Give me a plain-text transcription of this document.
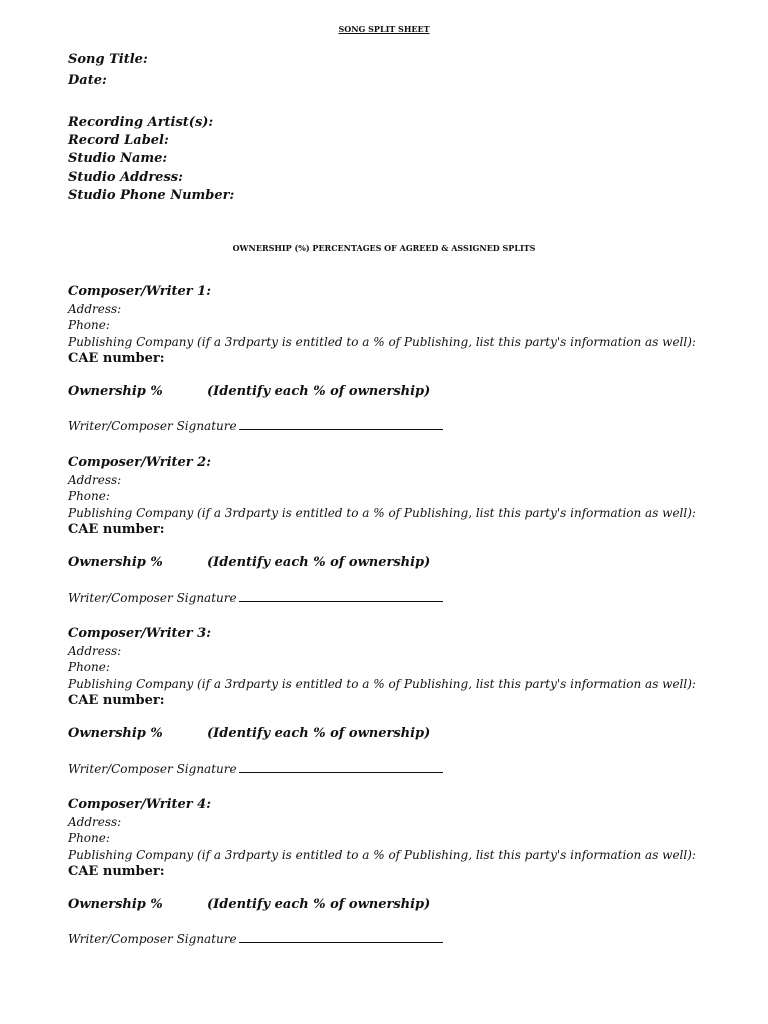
SONG SPLIT SHEET
Song Title:
Date:
Recording Artist(s):
Record Label:
Studio Name:
Studio Address:
Studio Phone Number:
OWNERSHIP (%) PERCENTAGES OF AGREED & ASSIGNED SPLITS
Composer/Writer 1:
Address:
Phone:
Publishing Company (if a 3rdparty is entitled to a % of Publishing, list this party's information as well):
CAE number:
Ownership %	(Identify each % of ownership)
Writer/Composer Signature
Composer/Writer 2:
Address:
Phone:
Publishing Company (if a 3rdparty is entitled to a % of Publishing, list this party's information as well):
CAE number:
Ownership %	(Identify each % of ownership)
Writer/Composer Signature
Composer/Writer 3:
Address:
Phone:
Publishing Company (if a 3rdparty is entitled to a % of Publishing, list this party's information as well):
CAE number:
Ownership %	(Identify each % of ownership)
Writer/Composer Signature
Composer/Writer 4:
Address:
Phone:
Publishing Company (if a 3rdparty is entitled to a % of Publishing, list this party's information as well):
CAE number:
Ownership %	(Identify each % of ownership)
Writer/Composer Signature
